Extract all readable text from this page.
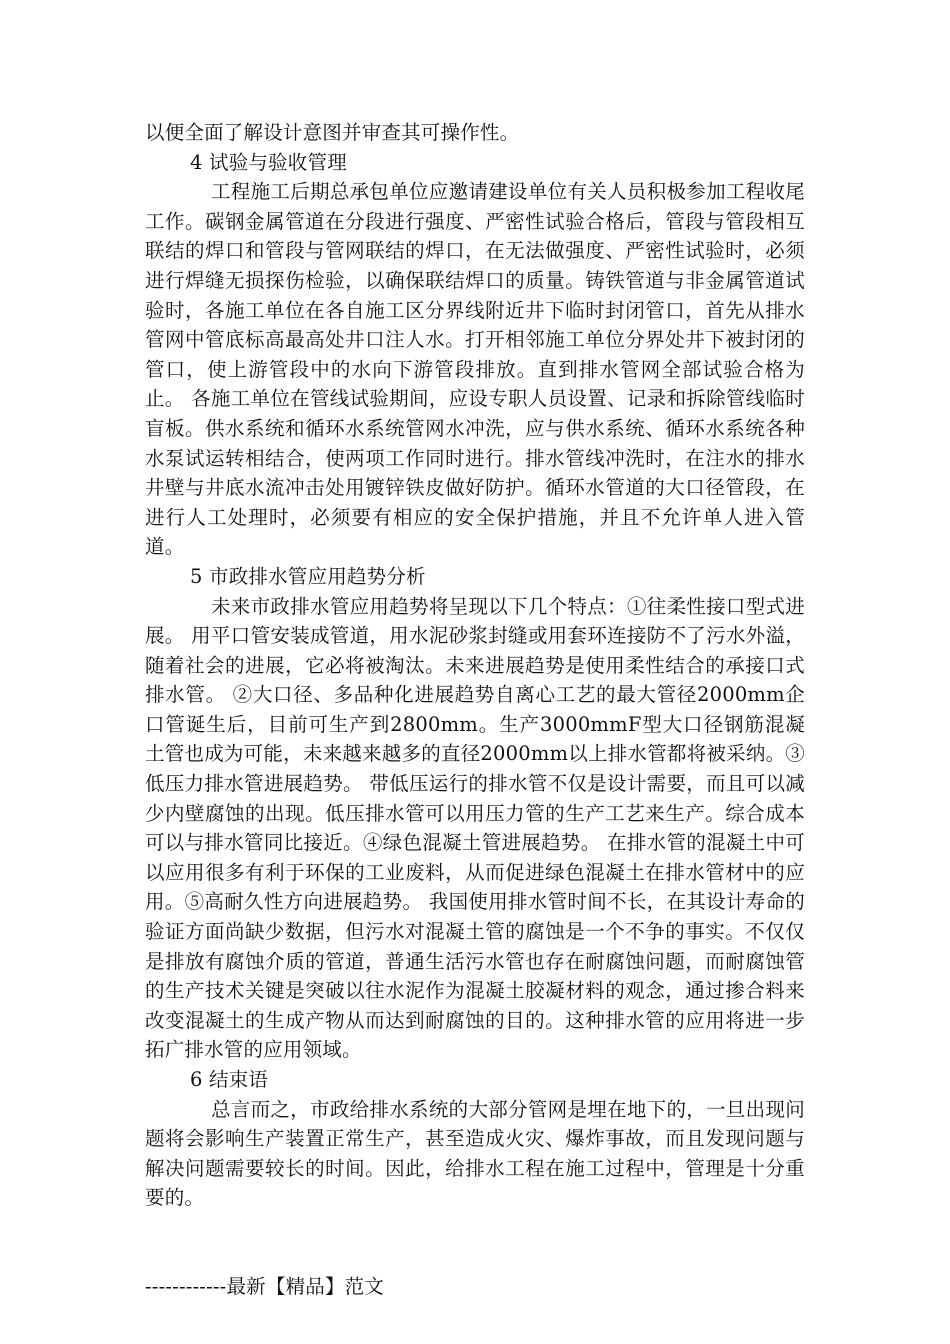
以便全面了解设计意图并审查其可操作性。

4 试验与验收管理

工程施工后期总承包单位应邀请建设单位有关人员积极参加工程收尾工作。碳钢金属管道在分段进行强度、严密性试验合格后，管段与管段相互联结的焊口和管段与管网联结的焊口，在无法做强度、严密性试验时，必须进行焊缝无损探伤检验，以确保联结焊口的质量。铸铁管道与非金属管道试验时，各施工单位在各自施工区分界线附近井下临时封闭管口，首先从排水管网中管底标高最高处井口注人水。打开相邻施工单位分界处井下被封闭的管口，使上游管段中的水向下游管段排放。直到排水管网全部试验合格为止。 各施工单位在管线试验期间，应设专职人员设置、记录和拆除管线临时盲板。供水系统和循环水系统管网水冲洗，应与供水系统、循环水系统各种水泵试运转相结合，使两项工作同时进行。排水管线冲洗时，在注水的排水井壁与井底水流冲击处用镀锌铁皮做好防护。循环水管道的大口径管段，在进行人工处理时，必须要有相应的安全保护措施，并且不允许单人进入管道。

5 市政排水管应用趋势分析

未来市政排水管应用趋势将呈现以下几个特点：①往柔性接口型式进展。 用平口管安装成管道，用水泥砂浆封缝或用套环连接防不了污水外溢，随着社会的进展，它必将被淘汰。未来进展趋势是使用柔性结合的承接口式排水管。 ②大口径、多品种化进展趋势自离心工艺的最大管径2000mm企口管诞生后，目前可生产到2800mm。生产3000mmF型大口径钢筋混凝土管也成为可能，未来越来越多的直径2000mm以上排水管都将被采纳。③低压力排水管进展趋势。 带低压运行的排水管不仅是设计需要，而且可以减少内壁腐蚀的出现。低压排水管可以用压力管的生产工艺来生产。综合成本可以与排水管同比接近。④绿色混凝土管进展趋势。 在排水管的混凝土中可以应用很多有利于环保的工业废料，从而促进绿色混凝土在排水管材中的应用。⑤高耐久性方向进展趋势。 我国使用排水管时间不长，在其设计寿命的验证方面尚缺少数据，但污水对混凝土管的腐蚀是一个不争的事实。不仅仅是排放有腐蚀介质的管道，普通生活污水管也存在耐腐蚀问题，而耐腐蚀管的生产技术关键是突破以往水泥作为混凝土胶凝材料的观念，通过掺合料来改变混凝土的生成产物从而达到耐腐蚀的目的。这种排水管的应用将进一步拓广排水管的应用领域。

6 结束语

总言而之，市政给排水系统的大部分管网是埋在地下的，一旦出现问题将会影响生产装置正常生产，甚至造成火灾、爆炸事故，而且发现问题与解决问题需要较长的时间。因此，给排水工程在施工过程中，管理是十分重要的。

------------最新【精品】范文
